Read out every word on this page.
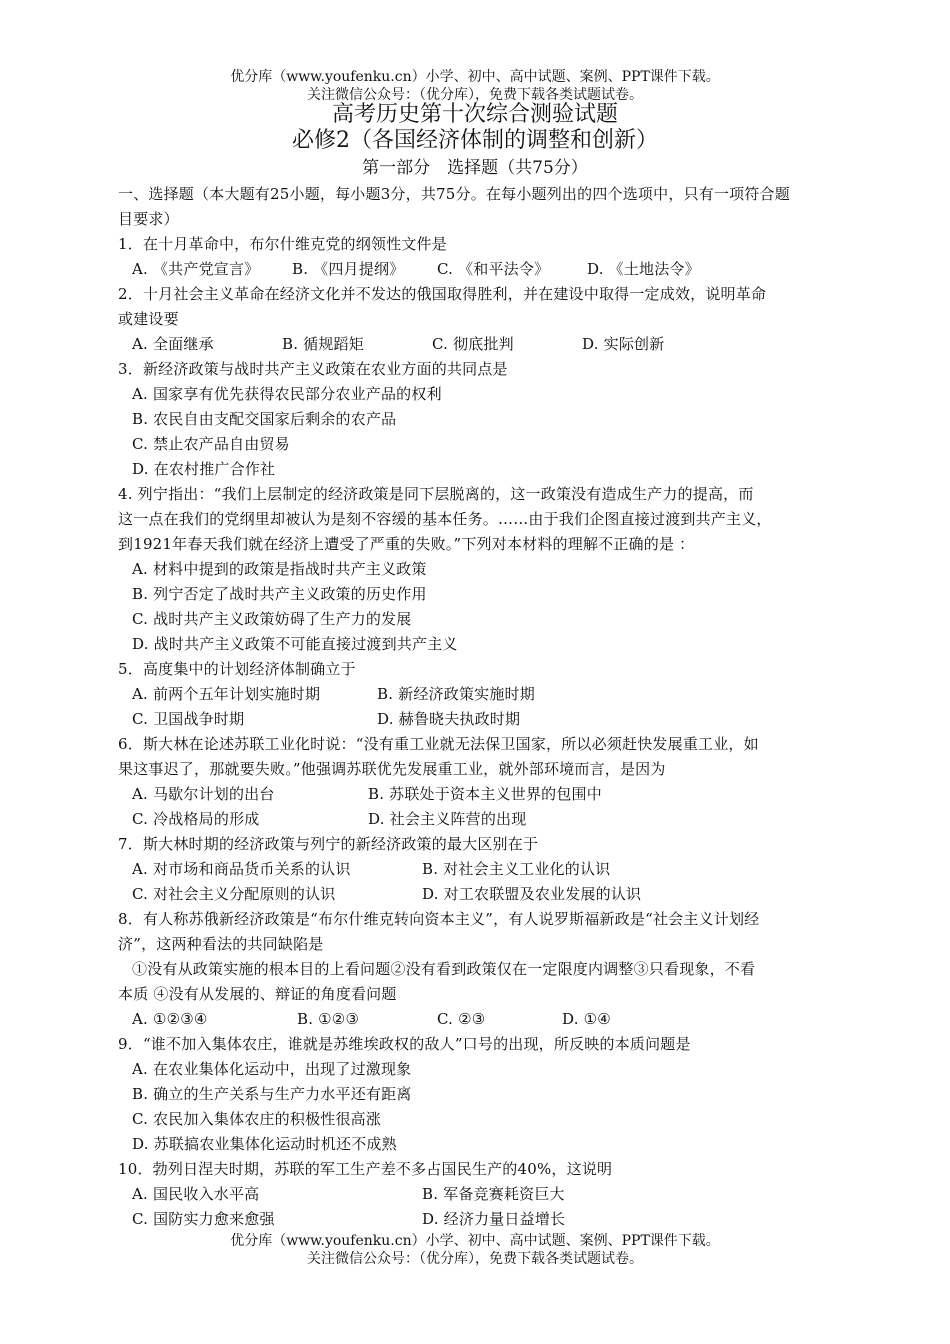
优分库（www.youfenku.cn）小学、初中、高中试题、案例、PPT课件下载。
关注微信公众号：（优分库），免费下载各类试题试卷。
高考历史第十次综合测验试题
必修2（各国经济体制的调整和创新）
第一部分　选择题（共75分）
一、选择题（本大题有25小题，每小题3分，共75分。在每小题列出的四个选项中，只有一项符合题
目要求）
1．在十月革命中，布尔什维克党的纲领性文件是
A. 《共产党宣言》 B. 《四月提纲》 C. 《和平法令》	D. 《土地法令》
2．十月社会主义革命在经济文化并不发达的俄国取得胜利，并在建设中取得一定成效，说明革命
或建设要
A. 全面继承	B. 循规蹈矩	C. 彻底批判	D. 实际创新
3．新经济政策与战时共产主义政策在农业方面的共同点是
A. 国家享有优先获得农民部分农业产品的权利
B. 农民自由支配交国家后剩余的农产品
C. 禁止农产品自由贸易
D. 在农村推广合作社
4. 列宁指出：“我们上层制定的经济政策是同下层脱离的，这一政策没有造成生产力的提高，而
这一点在我们的党纲里却被认为是刻不容缓的基本任务。……由于我们企图直接过渡到共产主义，
到1921年春天我们就在经济上遭受了严重的失败。”下列对本材料的理解不正确的是 ：
A. 材料中提到的政策是指战时共产主义政策
B. 列宁否定了战时共产主义政策的历史作用
C. 战时共产主义政策妨碍了生产力的发展
D. 战时共产主义政策不可能直接过渡到共产主义
5．高度集中的计划经济体制确立于
A. 前两个五年计划实施时期	B. 新经济政策实施时期
C. 卫国战争时期	D. 赫鲁晓夫执政时期
6．斯大林在论述苏联工业化时说：“没有重工业就无法保卫国家，所以必须赶快发展重工业，如
果这事迟了，那就要失败。”他强调苏联优先发展重工业，就外部环境而言，是因为
A. 马歇尔计划的出台	B. 苏联处于资本主义世界的包围中
C. 冷战格局的形成	D. 社会主义阵营的出现
7．斯大林时期的经济政策与列宁的新经济政策的最大区别在于
A. 对市场和商品货币关系的认识	B. 对社会主义工业化的认识
C. 对社会主义分配原则的认识	D. 对工农联盟及农业发展的认识
8．有人称苏俄新经济政策是“布尔什维克转向资本主义”，有人说罗斯福新政是“社会主义计划经
济”，这两种看法的共同缺陷是
①没有从政策实施的根本目的上看问题②没有看到政策仅在一定限度内调整③只看现象，不看
本质 ④没有从发展的、辩证的角度看问题
A. ①②③④	B. ①②③	C. ②③	D. ①④
9．“谁不加入集体农庄，谁就是苏维埃政权的敌人”口号的出现，所反映的本质问题是
A. 在农业集体化运动中，出现了过激现象
B. 确立的生产关系与生产力水平还有距离
C. 农民加入集体农庄的积极性很高涨
D. 苏联搞农业集体化运动时机还不成熟
10．勃列日涅夫时期，苏联的军工生产差不多占国民生产的40%，这说明
A. 国民收入水平高	B. 军备竞赛耗资巨大
C. 国防实力愈来愈强	D. 经济力量日益增长
优分库（www.youfenku.cn）小学、初中、高中试题、案例、PPT课件下载。
关注微信公众号：（优分库），免费下载各类试题试卷。
